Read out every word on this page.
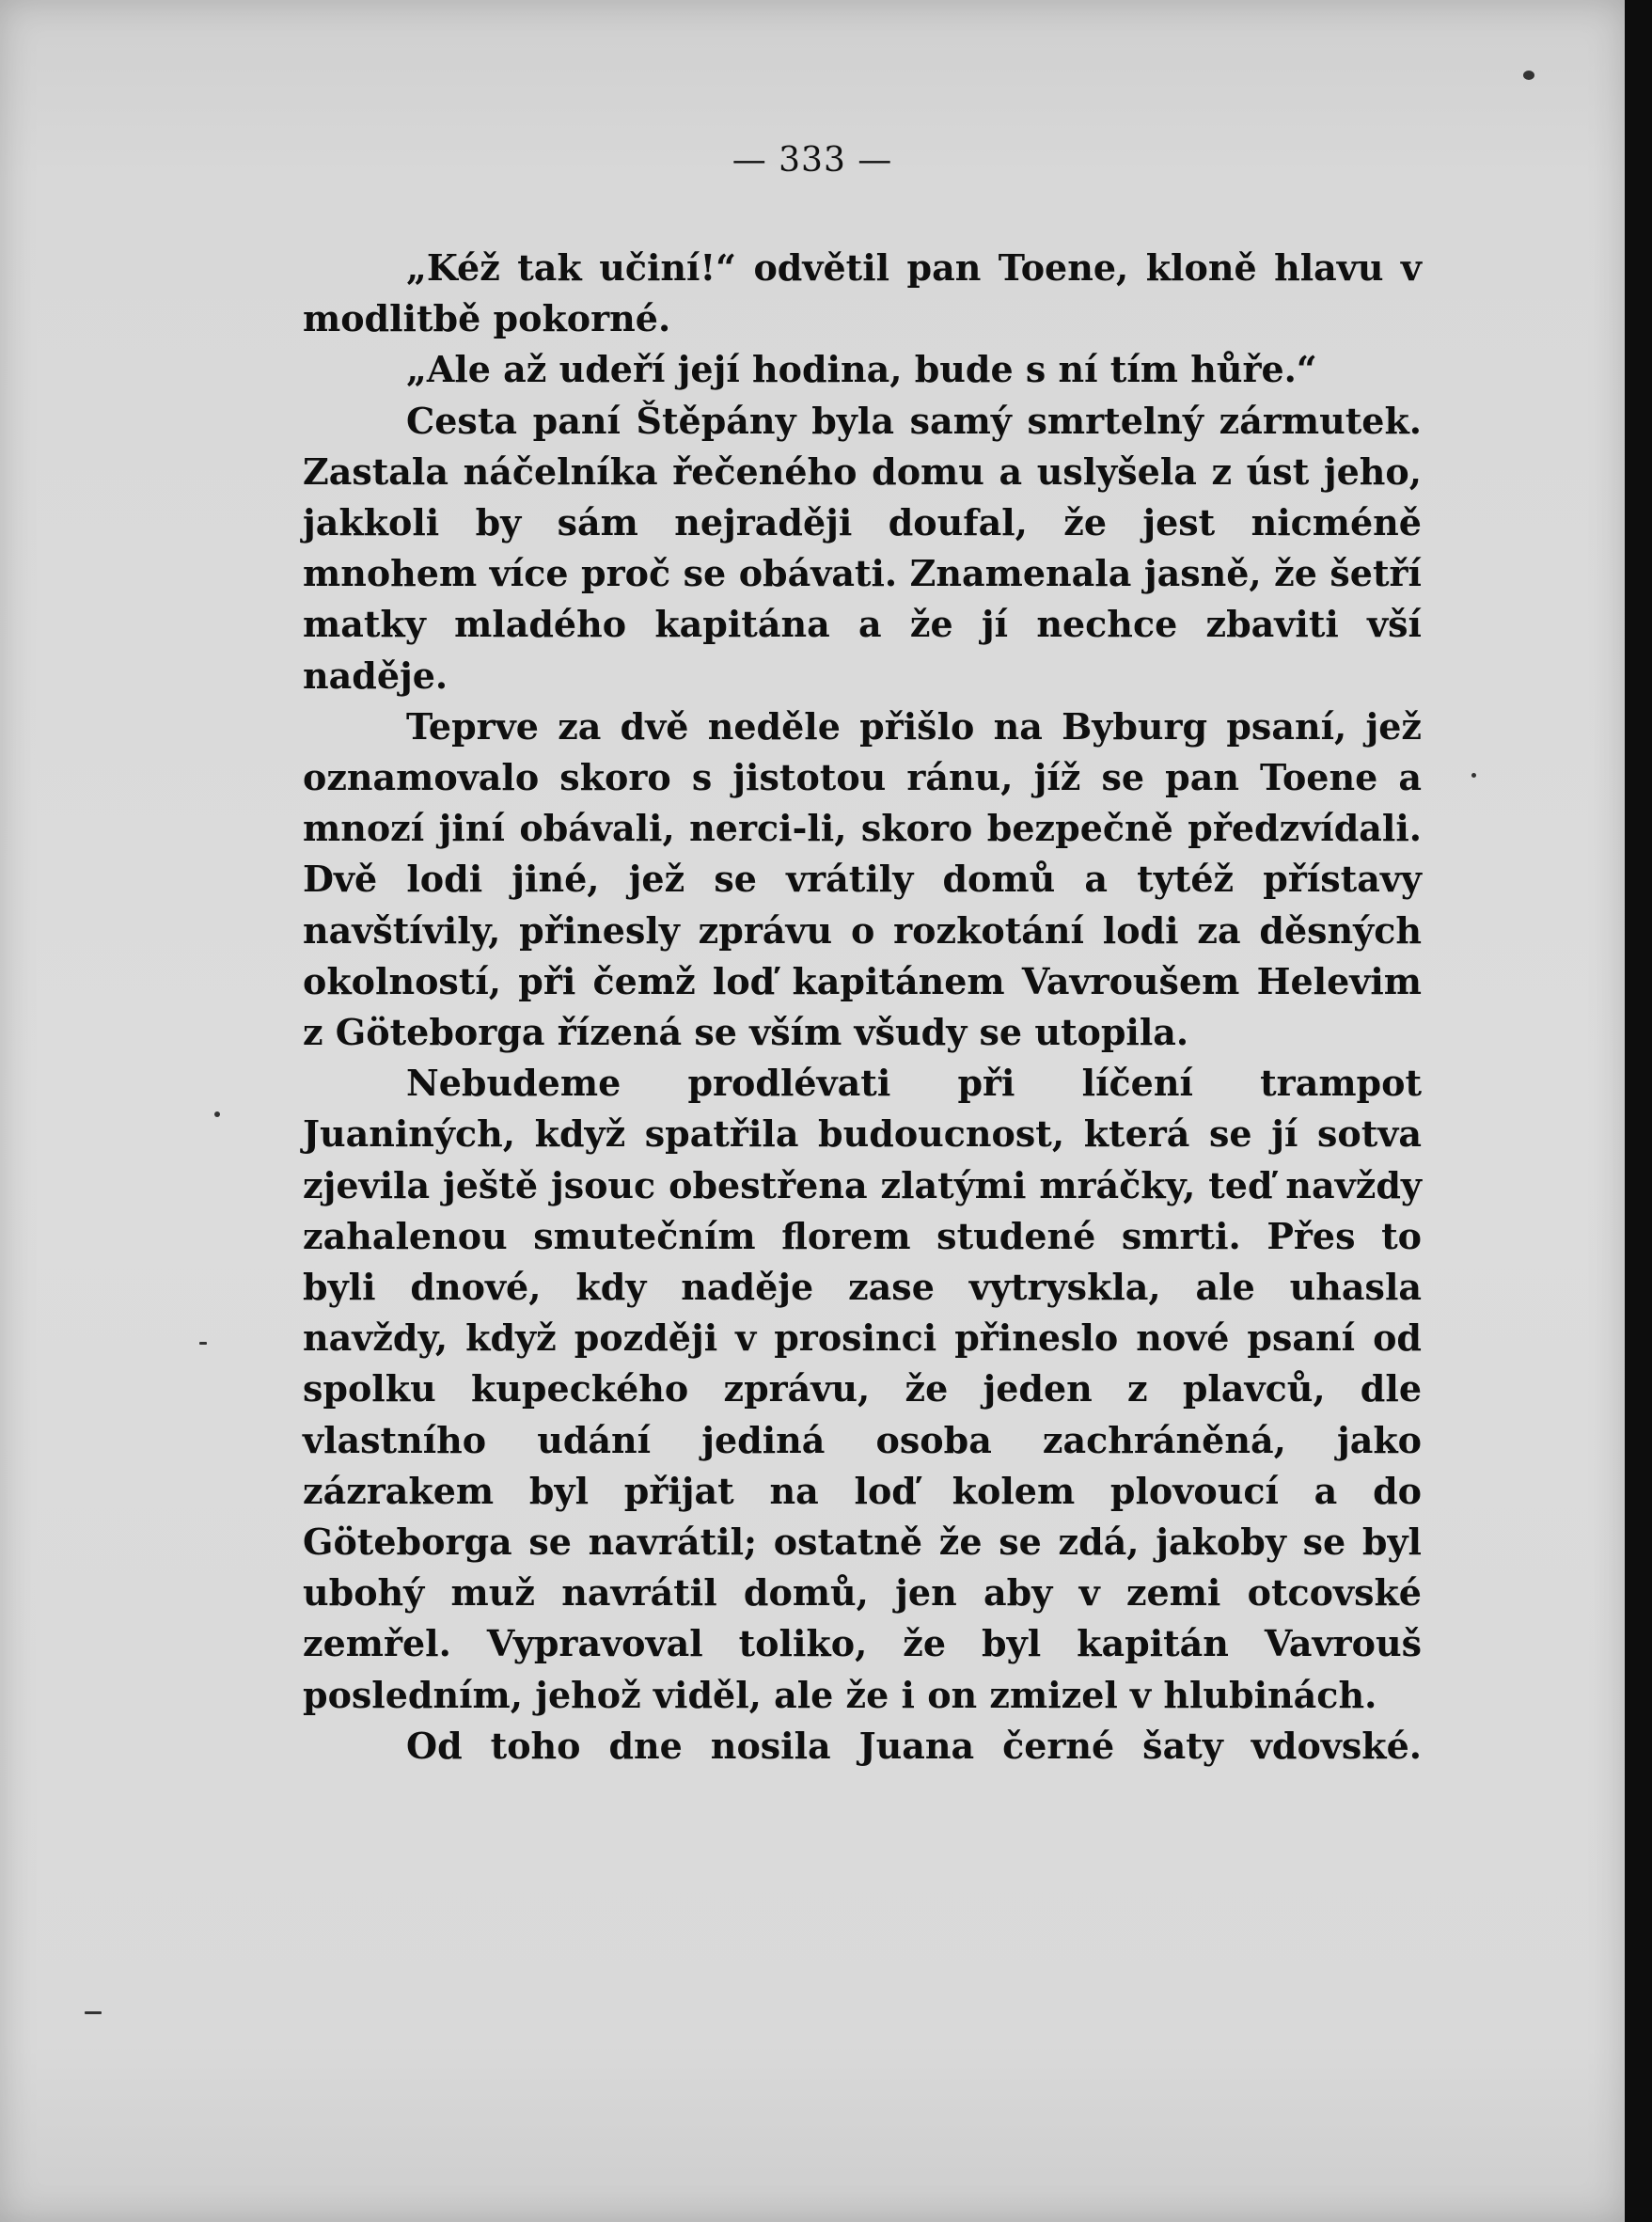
— 333 —

„Kéž tak učiní!“ odvětil pan Toene, kloně hlavu v modlitbě pokorné.

„Ale až udeří její hodina, bude s ní tím hůře.“

Cesta paní Štěpány byla samý smrtelný zármutek. Zastala náčelníka řečeného domu a uslyšela z úst jeho, jakkoli by sám nejraději doufal, že jest nicméně mnohem více proč se obávati. Znamenala jasně, že šetří matky mladého kapitána a že jí nechce zbaviti vší naděje.

Teprve za dvě neděle přišlo na Byburg psaní, jež oznamovalo skoro s jistotou ránu, jíž se pan Toene a mnozí jiní obávali, nerci-li, skoro bezpečně předzvídali. Dvě lodi jiné, jež se vrátily domů a tytéž přístavy navštívily, přinesly zprávu o rozkotání lodi za děsných okolností, při čemž loď kapitánem Vavroušem Helevim z Göteborga řízená se vším všudy se utopila.

Nebudeme prodlévati při líčení trampot Juaniných, když spatřila budoucnost, která se jí sotva zjevila ještě jsouc obestřena zlatými mráčky, teď navždy zahalenou smutečním florem studené smrti. Přes to byli dnové, kdy naděje zase vytryskla, ale uhasla navždy, když později v prosinci přineslo nové psaní od spolku kupeckého zprávu, že jeden z plavců, dle vlastního udání jediná osoba zachráněná, jako zázrakem byl přijat na loď kolem plovoucí a do Göteborga se navrátil; ostatně že se zdá, jakoby se byl ubohý muž navrátil domů, jen aby v zemi otcovské zemřel. Vypravoval toliko, že byl kapitán Vavrouš posledním, jehož viděl, ale že i on zmizel v hlubinách.

Od toho dne nosila Juana černé šaty vdovské.
